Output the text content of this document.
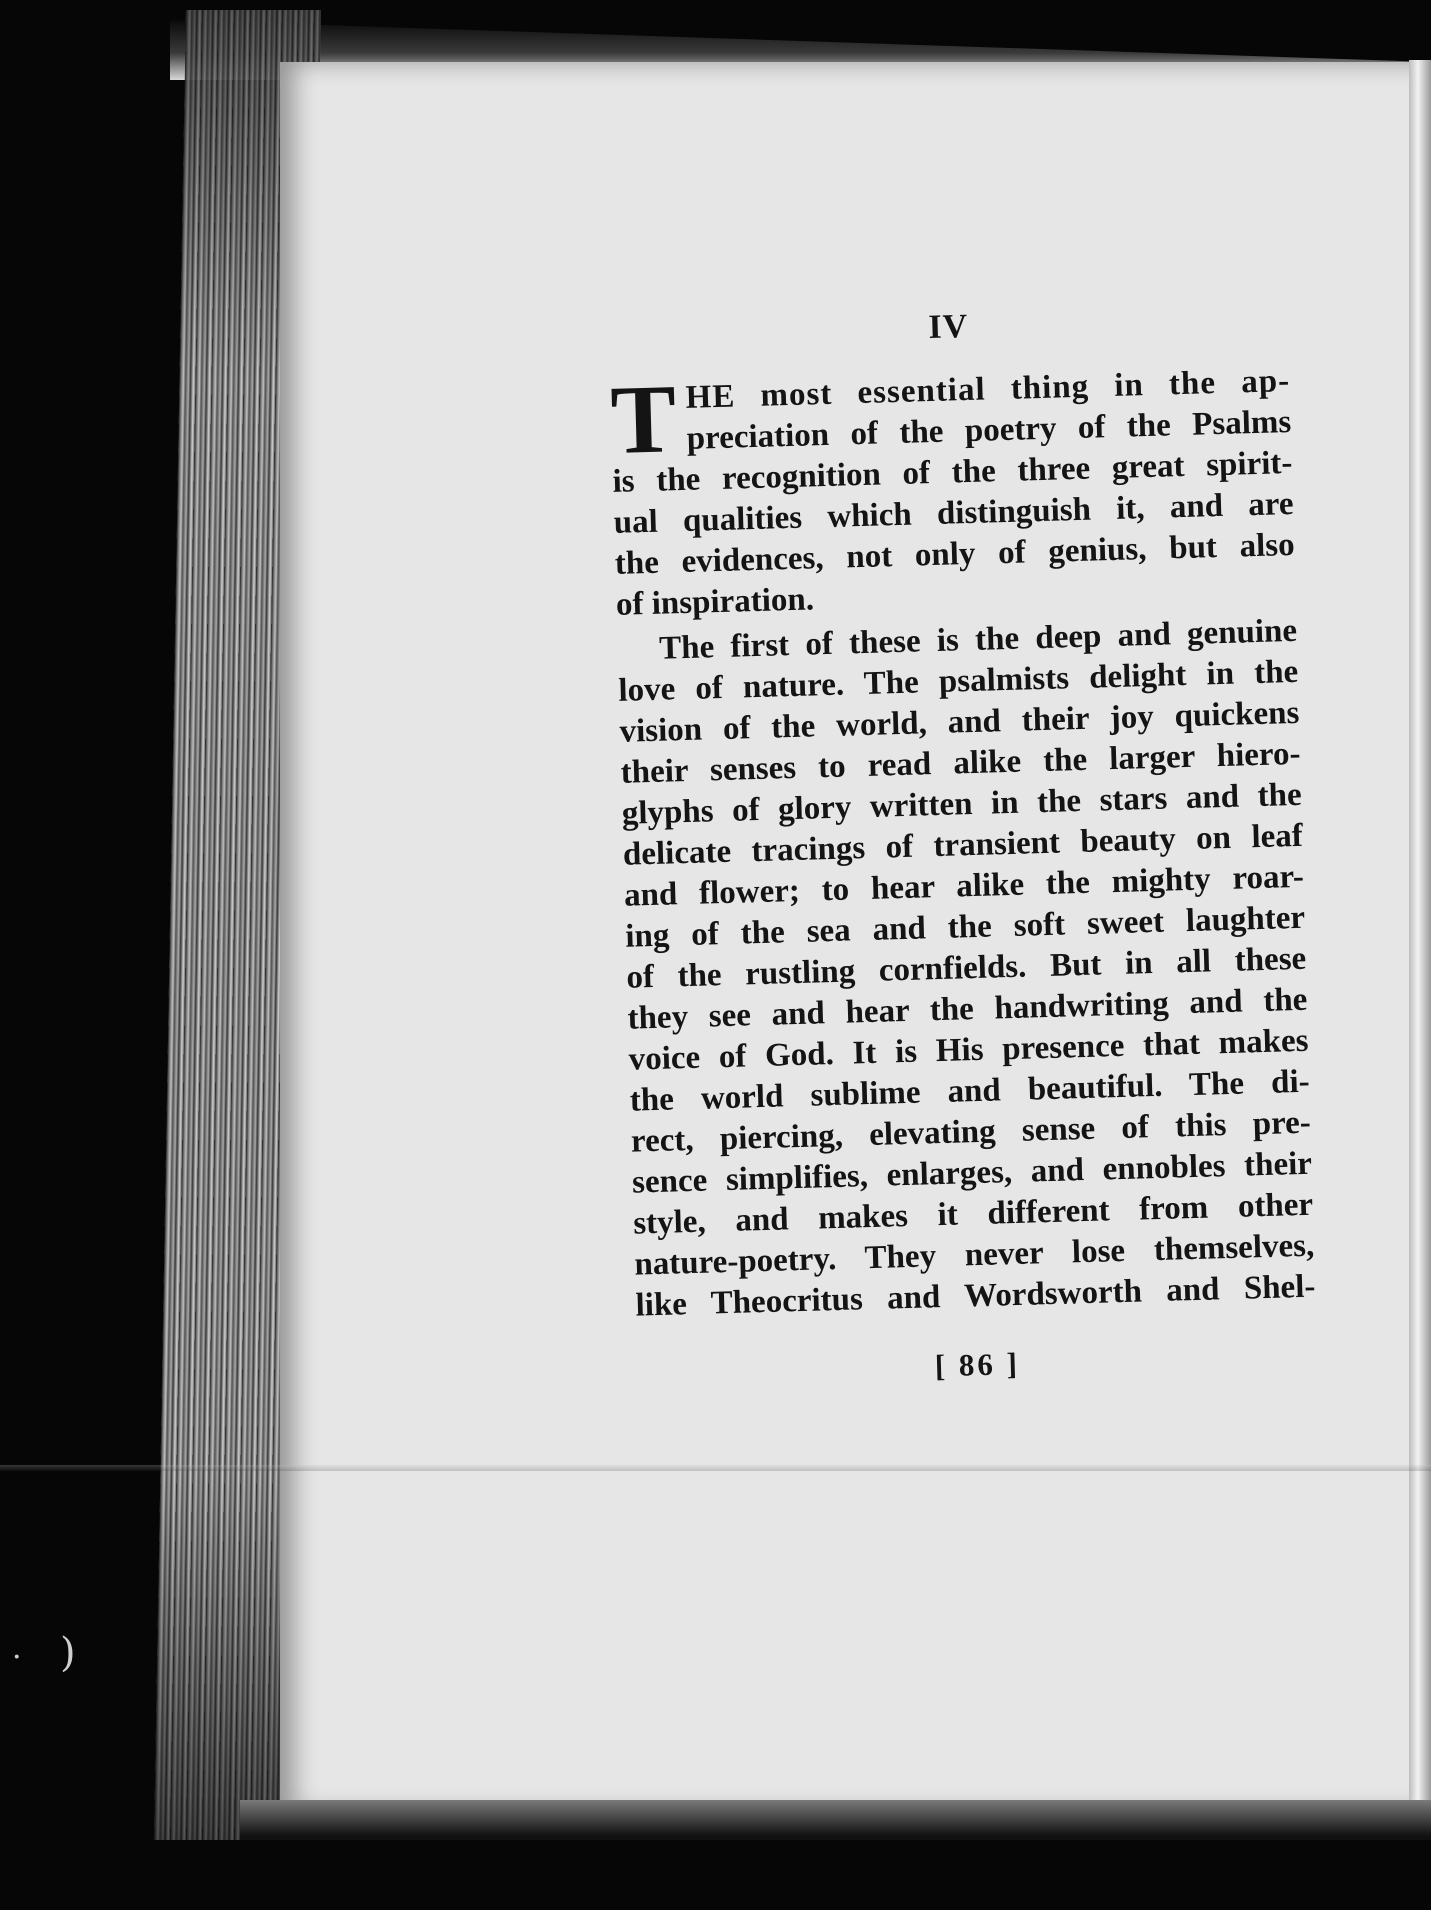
· )
IV
T HE most essential thing in the ap-
preciation of the poetry of the Psalms
is the recognition of the three great spirit-
ual qualities which distinguish it, and are
the evidences, not only of genius, but also
of inspiration.
The first of these is the deep and genuine
love of nature. The psalmists delight in the
vision of the world, and their joy quickens
their senses to read alike the larger hiero-
glyphs of glory written in the stars and the
delicate tracings of transient beauty on leaf
and flower; to hear alike the mighty roar-
ing of the sea and the soft sweet laughter
of the rustling cornfields. But in all these
they see and hear the handwriting and the
voice of God. It is His presence that makes
the world sublime and beautiful. The di-
rect, piercing, elevating sense of this pre-
sence simplifies, enlarges, and ennobles their
style, and makes it different from other
nature-poetry. They never lose themselves,
like Theocritus and Wordsworth and Shel-
[ 86 ]
